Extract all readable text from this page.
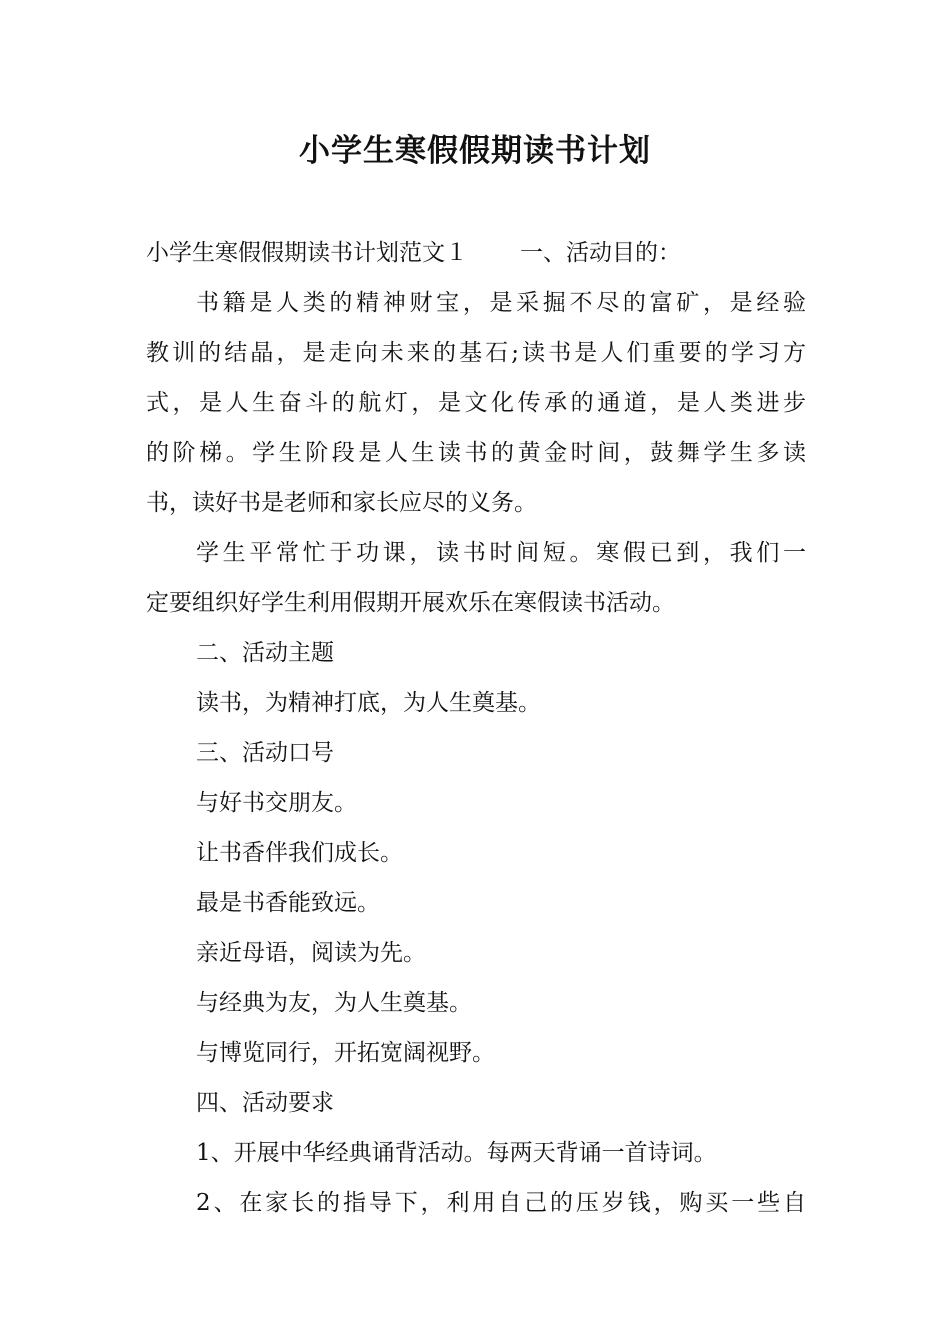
小学生寒假假期读书计划
小学生寒假假期读书计划范文１ 一、活动目的：
书籍是人类的精神财宝，是采掘不尽的富矿，是经验
教训的结晶，是走向未来的基石;读书是人们重要的学习方
式，是人生奋斗的航灯，是文化传承的通道，是人类进步
的阶梯。学生阶段是人生读书的黄金时间，鼓舞学生多读
书，读好书是老师和家长应尽的义务。
学生平常忙于功课，读书时间短。寒假已到，我们一
定要组织好学生利用假期开展欢乐在寒假读书活动。
二、活动主题
读书，为精神打底，为人生奠基。
三、活动口号
与好书交朋友。
让书香伴我们成长。
最是书香能致远。
亲近母语，阅读为先。
与经典为友，为人生奠基。
与博览同行，开拓宽阔视野。
四、活动要求
1、开展中华经典诵背活动。每两天背诵一首诗词。
2、在家长的指导下，利用自己的压岁钱，购买一些自
